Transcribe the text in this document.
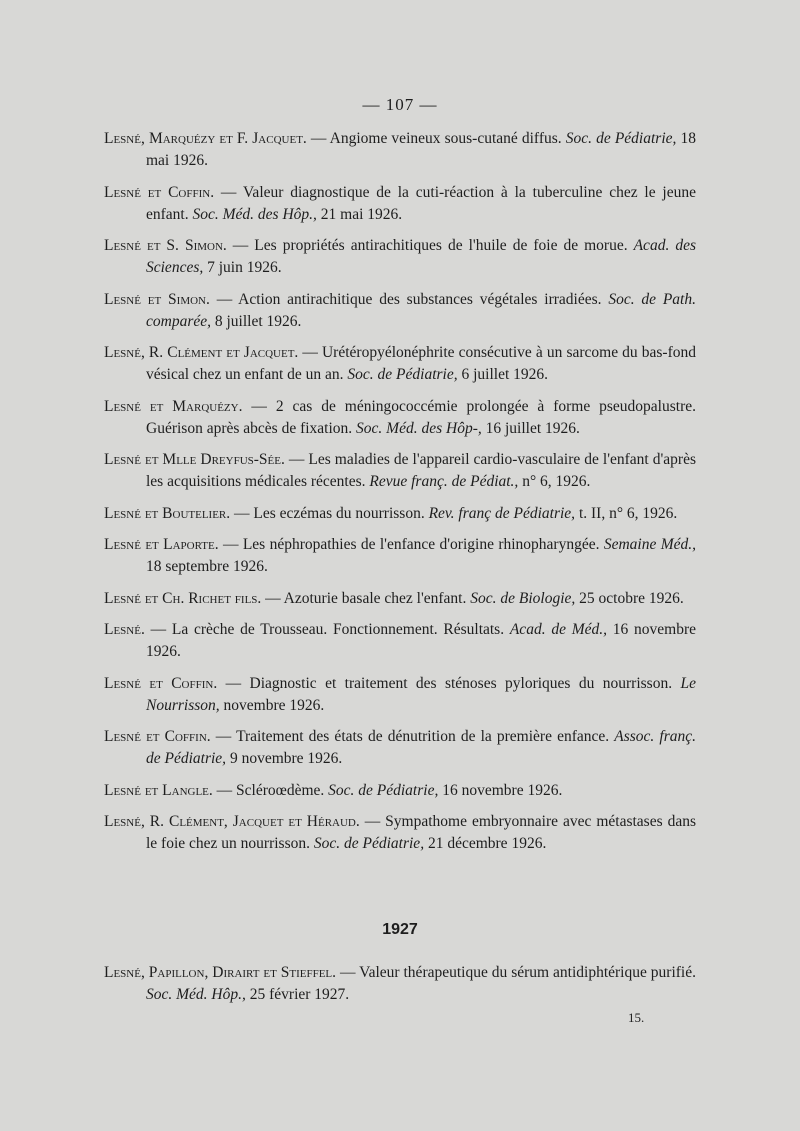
— 107 —

Lesné, Marquézy et F. Jacquet. — Angiome veineux sous-cutané diffus. Soc. de Pédiatrie, 18 mai 1926.

Lesné et Coffin. — Valeur diagnostique de la cuti-réaction à la tuberculine chez le jeune enfant. Soc. Méd. des Hôp., 21 mai 1926.

Lesné et S. Simon. — Les propriétés antirachitiques de l'huile de foie de morue. Acad. des Sciences, 7 juin 1926.

Lesné et Simon. — Action antirachitique des substances végétales irradiées. Soc. de Path. comparée, 8 juillet 1926.

Lesné, R. Clément et Jacquet. — Urétéropyélonéphrite consécutive à un sarcome du bas-fond vésical chez un enfant de un an. Soc. de Pédiatrie, 6 juillet 1926.

Lesné et Marquézy. — 2 cas de méningococcémie prolongée à forme pseudopalustre. Guérison après abcès de fixation. Soc. Méd. des Hôp-, 16 juillet 1926.

Lesné et Mlle Dreyfus-Sée. — Les maladies de l'appareil cardio-vasculaire de l'enfant d'après les acquisitions médicales récentes. Revue franç. de Pédiat., n° 6, 1926.

Lesné et Boutelier. — Les eczémas du nourrisson. Rev. franç de Pédiatrie, t. II, n° 6, 1926.

Lesné et Laporte. — Les néphropathies de l'enfance d'origine rhinopharyngée. Semaine Méd., 18 septembre 1926.

Lesné et Ch. Richet fils. — Azoturie basale chez l'enfant. Soc. de Biologie, 25 octobre 1926.

Lesné. — La crèche de Trousseau. Fonctionnement. Résultats. Acad. de Méd., 16 novembre 1926.

Lesné et Coffin. — Diagnostic et traitement des sténoses pyloriques du nourrisson. Le Nourrisson, novembre 1926.

Lesné et Coffin. — Traitement des états de dénutrition de la première enfance. Assoc. franç. de Pédiatrie, 9 novembre 1926.

Lesné et Langle. — Scléroœdème. Soc. de Pédiatrie, 16 novembre 1926.

Lesné, R. Clément, Jacquet et Héraud. — Sympathome embryonnaire avec métastases dans le foie chez un nourrisson. Soc. de Pédiatrie, 21 décembre 1926.

1927

Lesné, Papillon, Dirairt et Stieffel. — Valeur thérapeutique du sérum antidiphtérique purifié. Soc. Méd. Hôp., 25 février 1927.

15.
